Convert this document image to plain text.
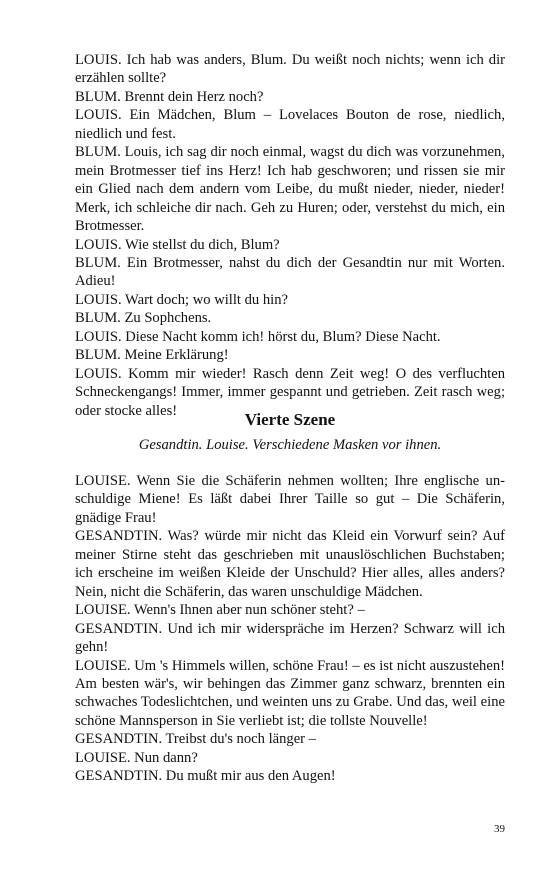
LOUIS. Ich hab was anders, Blum. Du weißt noch nichts; wenn ich dir erzählen sollte?

BLUM. Brennt dein Herz noch?

LOUIS. Ein Mädchen, Blum – Lovelaces Bouton de rose, niedlich, niedlich und fest.

BLUM. Louis, ich sag dir noch einmal, wagst du dich was vorzunehmen, mein Brotmesser tief ins Herz! Ich hab geschworen; und rissen sie mir ein Glied nach dem andern vom Leibe, du mußt nieder, nieder, nieder! Merk, ich schleiche dir nach. Geh zu Huren; oder, verstehst du mich, ein Brotmesser.

LOUIS. Wie stellst du dich, Blum?

BLUM. Ein Brotmesser, nahst du dich der Gesandtin nur mit Worten. Adieu!

LOUIS. Wart doch; wo willt du hin?

BLUM. Zu Sophchens.

LOUIS. Diese Nacht komm ich! hörst du, Blum? Diese Nacht.

BLUM. Meine Erklärung!

LOUIS. Komm mir wieder! Rasch denn Zeit weg! O des verfluchten Schneckengangs! Immer, immer gespannt und getrieben. Zeit rasch weg; oder stocke alles!	Vierte Szene

Gesandtin. Louise. Verschiedene Masken vor ihnen.

LOUISE. Wenn Sie die Schäferin nehmen wollten; Ihre englische unschuldige Miene! Es läßt dabei Ihrer Taille so gut – Die Schäferin, gnädige Frau!

GESANDTIN. Was? würde mir nicht das Kleid ein Vorwurf sein? Auf meiner Stirne steht das geschrieben mit unauslöschlichen Buchstaben; ich erscheine im weißen Kleide der Unschuld? Hier alles, alles anders? Nein, nicht die Schäferin, das waren unschuldige Mädchen.

LOUISE. Wenn's Ihnen aber nun schöner steht? –

GESANDTIN. Und ich mir widerspräche im Herzen? Schwarz will ich gehn!

LOUISE. Um 's Himmels willen, schöne Frau! – es ist nicht auszustehen! Am besten wär's, wir behingen das Zimmer ganz schwarz, brennten ein schwaches Todeslichtchen, und weinten uns zu Grabe. Und das, weil eine schöne Mannsperson in Sie verliebt ist; die tollste Nouvelle!

GESANDTIN. Treibst du's noch länger –

LOUISE. Nun dann?

GESANDTIN. Du mußt mir aus den Augen!

39
